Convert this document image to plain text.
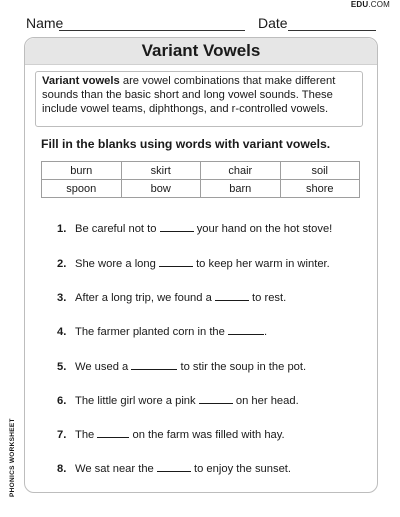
Name	Date
EDU.COM
Variant Vowels
Variant vowels are vowel combinations that make different sounds than the basic short and long vowel sounds. These include vowel teams, diphthongs, and r-controlled vowels.
Fill in the blanks using words with variant vowels.
burn	skirt	chair	soil
spoon	bow	barn	shore
1. Be careful not to	your hand on the hot stove!
2. She wore a long	to keep her warm in winter.
3. After a long trip, we found a	to rest.
4. The farmer planted corn in the	.
5. We used a	to stir the soup in the pot.
6. The little girl wore a pink	on her head.
7. The	on the farm was filled with hay.
8. We sat near the	to enjoy the sunset.
PHONICS WORKSHEET
